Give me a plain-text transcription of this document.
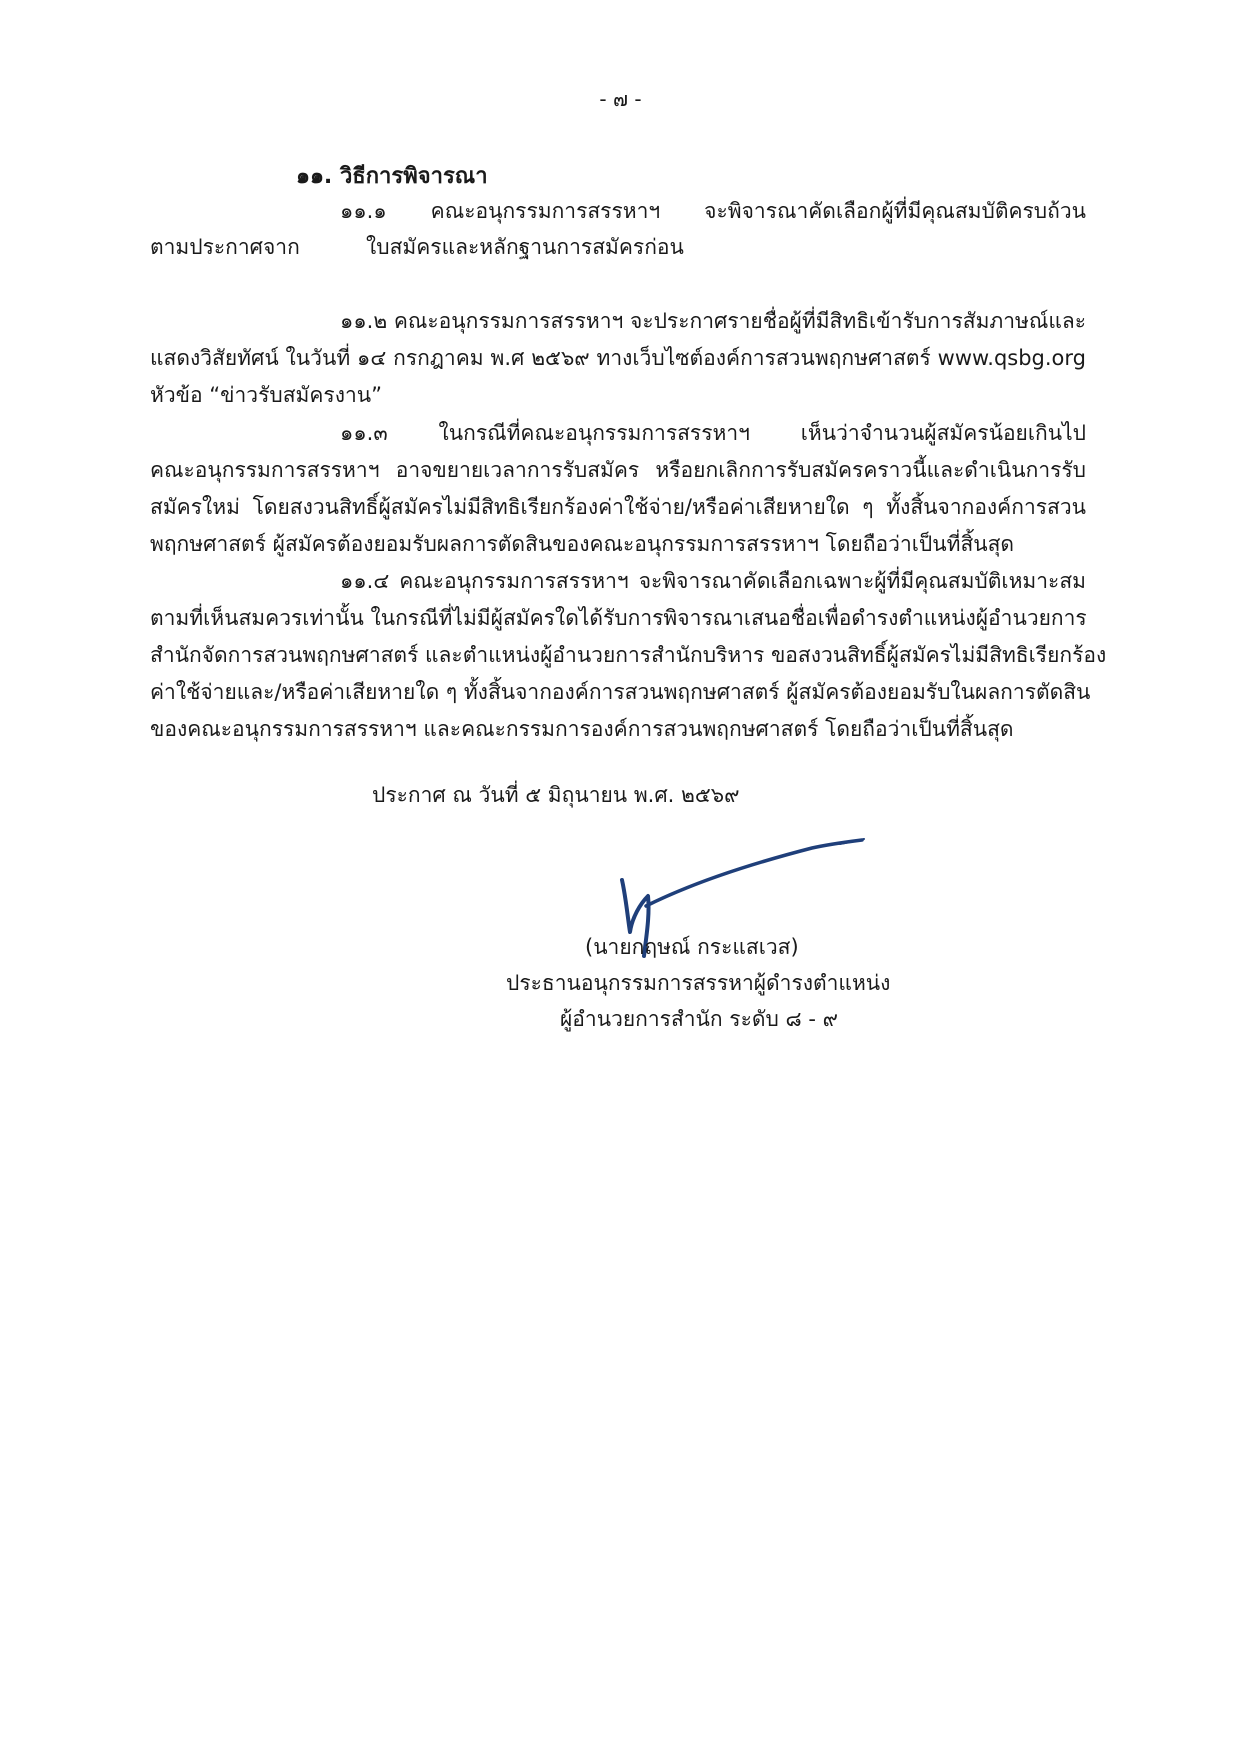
- ๗ -
๑๑. วิธีการพิจารณา
๑๑.๑ คณะอนุกรรมการสรรหาฯ จะพิจารณาคัดเลือกผู้ที่มีคุณสมบัติครบถ้วน
ตามประกาศจาก	ใบสมัครและหลักฐานการสมัครก่อน
๑๑.๒ คณะอนุกรรมการสรรหาฯ จะประกาศรายชื่อผู้ที่มีสิทธิเข้ารับการสัมภาษณ์และ
แสดงวิสัยทัศน์ ในวันที่ ๑๔ กรกฎาคม พ.ศ ๒๕๖๙ ทางเว็บไซต์องค์การสวนพฤกษศาสตร์ www.qsbg.org
หัวข้อ “ข่าวรับสมัครงาน”
๑๑.๓ ในกรณีที่คณะอนุกรรมการสรรหาฯ เห็นว่าจำนวนผู้สมัครน้อยเกินไป
คณะอนุกรรมการสรรหาฯ อาจขยายเวลาการรับสมัคร หรือยกเลิกการรับสมัครคราวนี้และดำเนินการรับ
สมัครใหม่ โดยสงวนสิทธิ์ผู้สมัครไม่มีสิทธิเรียกร้องค่าใช้จ่าย/หรือค่าเสียหายใด ๆ ทั้งสิ้นจากองค์การสวน
พฤกษศาสตร์ ผู้สมัครต้องยอมรับผลการตัดสินของคณะอนุกรรมการสรรหาฯ โดยถือว่าเป็นที่สิ้นสุด
๑๑.๔ คณะอนุกรรมการสรรหาฯ จะพิจารณาคัดเลือกเฉพาะผู้ที่มีคุณสมบัติเหมาะสม
ตามที่เห็นสมควรเท่านั้น ในกรณีที่ไม่มีผู้สมัครใดได้รับการพิจารณาเสนอชื่อเพื่อดำรงตำแหน่งผู้อำนวยการ
สำนักจัดการสวนพฤกษศาสตร์ และตำแหน่งผู้อำนวยการสำนักบริหาร ขอสงวนสิทธิ์ผู้สมัครไม่มีสิทธิเรียกร้อง
ค่าใช้จ่ายและ/หรือค่าเสียหายใด ๆ ทั้งสิ้นจากองค์การสวนพฤกษศาสตร์ ผู้สมัครต้องยอมรับในผลการตัดสิน
ของคณะอนุกรรมการสรรหาฯ และคณะกรรมการองค์การสวนพฤกษศาสตร์ โดยถือว่าเป็นที่สิ้นสุด
ประกาศ ณ วันที่ ๕ มิถุนายน พ.ศ. ๒๕๖๙
(นายกฤษณ์ กระแสเวส)
ประธานอนุกรรมการสรรหาผู้ดำรงตำแหน่ง
ผู้อำนวยการสำนัก ระดับ ๘ - ๙
